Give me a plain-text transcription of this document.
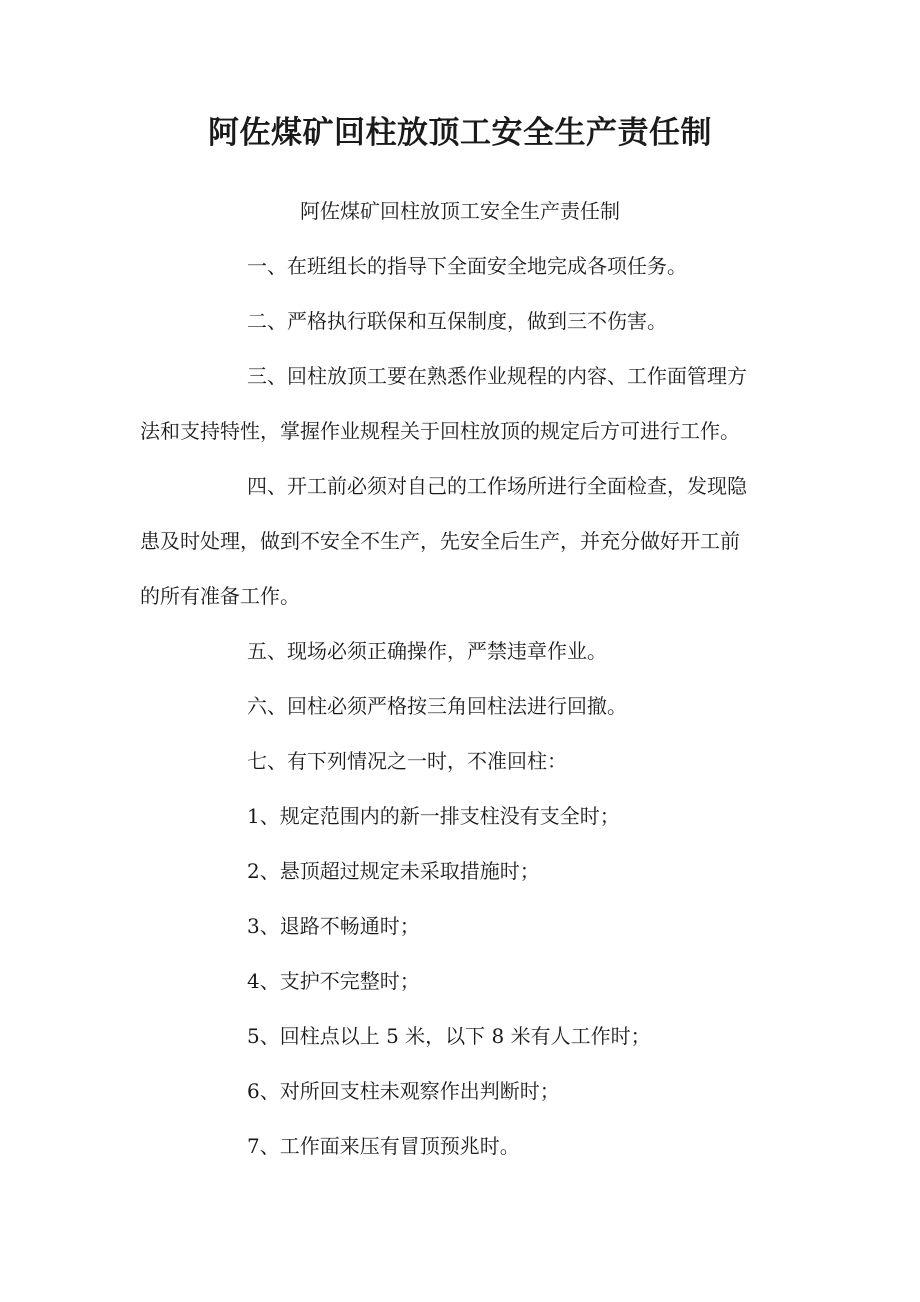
阿佐煤矿回柱放顶工安全生产责任制

阿佐煤矿回柱放顶工安全生产责任制

一、在班组长的指导下全面安全地完成各项任务。

二、严格执行联保和互保制度，做到三不伤害。

三、回柱放顶工要在熟悉作业规程的内容、工作面管理方

法和支持特性，掌握作业规程关于回柱放顶的规定后方可进行工作。

四、开工前必须对自己的工作场所进行全面检查，发现隐

患及时处理，做到不安全不生产，先安全后生产，并充分做好开工前

的所有准备工作。

五、现场必须正确操作，严禁违章作业。

六、回柱必须严格按三角回柱法进行回撤。

七、有下列情况之一时，不准回柱：

1、规定范围内的新一排支柱没有支全时；

2、悬顶超过规定未采取措施时；

3、退路不畅通时；

4、支护不完整时；

5、回柱点以上 5 米，以下 8 米有人工作时；

6、对所回支柱未观察作出判断时；

7、工作面来压有冒顶预兆时。
